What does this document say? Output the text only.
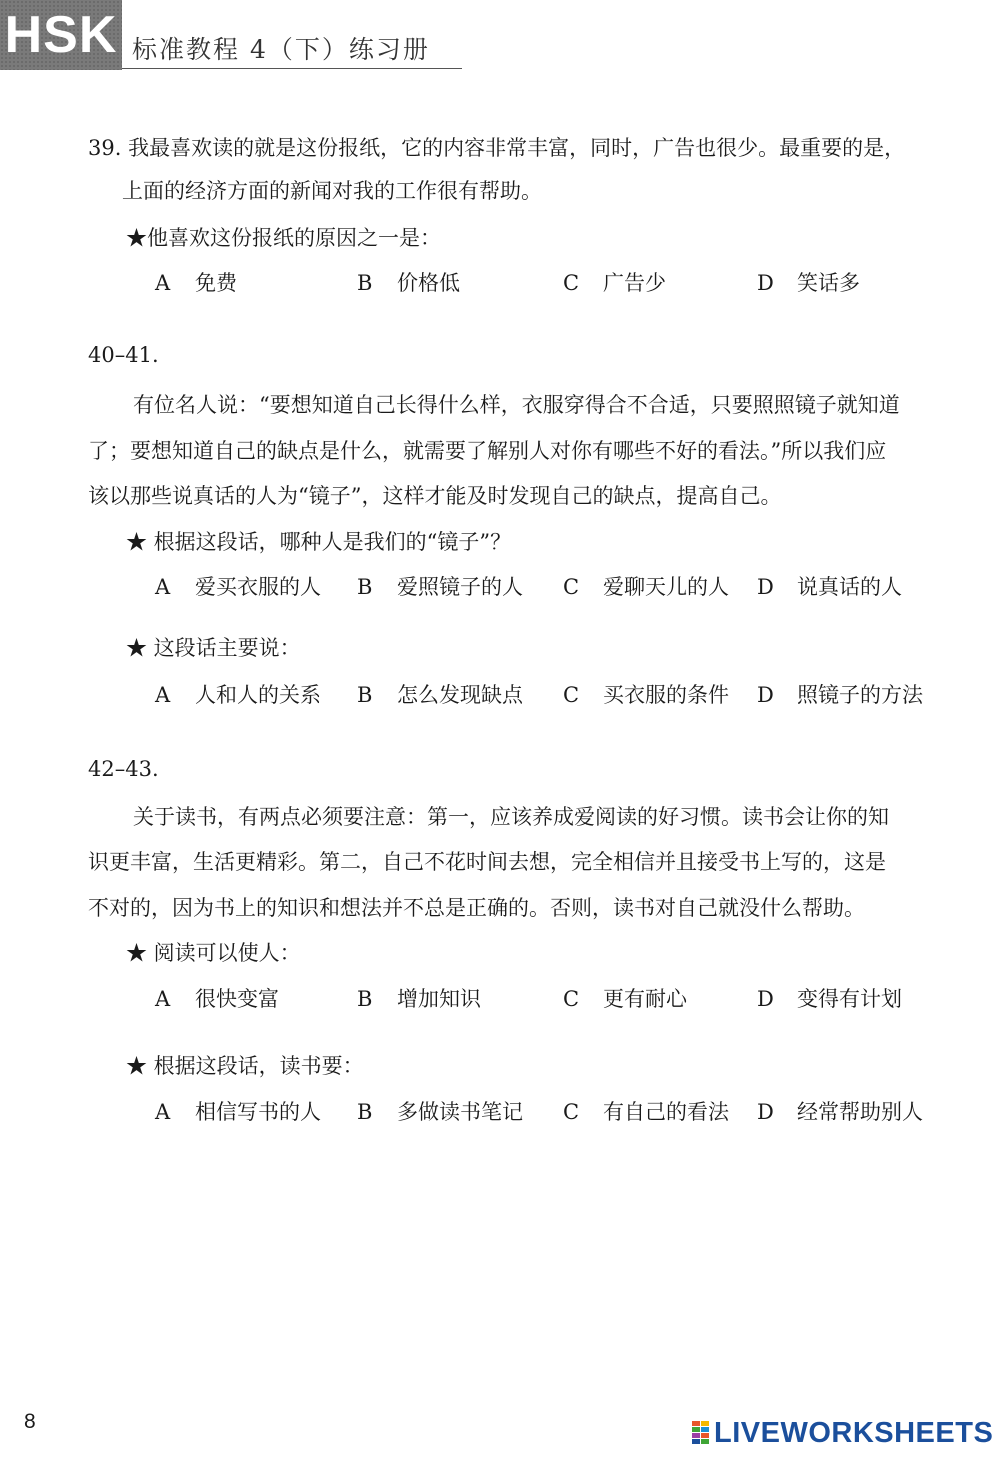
HSK 标准教程 4（下）练习册
39. 我最喜欢读的就是这份报纸，它的内容非常丰富，同时，广告也很少。最重要的是，
上面的经济方面的新闻对我的工作很有帮助。
★他喜欢这份报纸的原因之一是：
A 免费	B 价格低	C 广告少	D 笑话多
40–41.
有位名人说：“要想知道自己长得什么样，衣服穿得合不合适，只要照照镜子就知道
了；要想知道自己的缺点是什么，就需要了解别人对你有哪些不好的看法。”所以我们应
该以那些说真话的人为“镜子”，这样才能及时发现自己的缺点，提高自己。
★ 根据这段话，哪种人是我们的“镜子”？
A 爱买衣服的人 B 爱照镜子的人 C 爱聊天儿的人 D 说真话的人
★ 这段话主要说：
A 人和人的关系 B 怎么发现缺点 C 买衣服的条件 D 照镜子的方法
42–43.
关于读书，有两点必须要注意：第一，应该养成爱阅读的好习惯。读书会让你的知
识更丰富，生活更精彩。第二，自己不花时间去想，完全相信并且接受书上写的，这是
不对的，因为书上的知识和想法并不总是正确的。否则，读书对自己就没什么帮助。
★ 阅读可以使人：
A 很快变富	B 增加知识	C 更有耐心	D 变得有计划
★ 根据这段话，读书要：
A 相信写书的人 B 多做读书笔记 C 有自己的看法 D 经常帮助别人
8	LIVEWORKSHEETS
